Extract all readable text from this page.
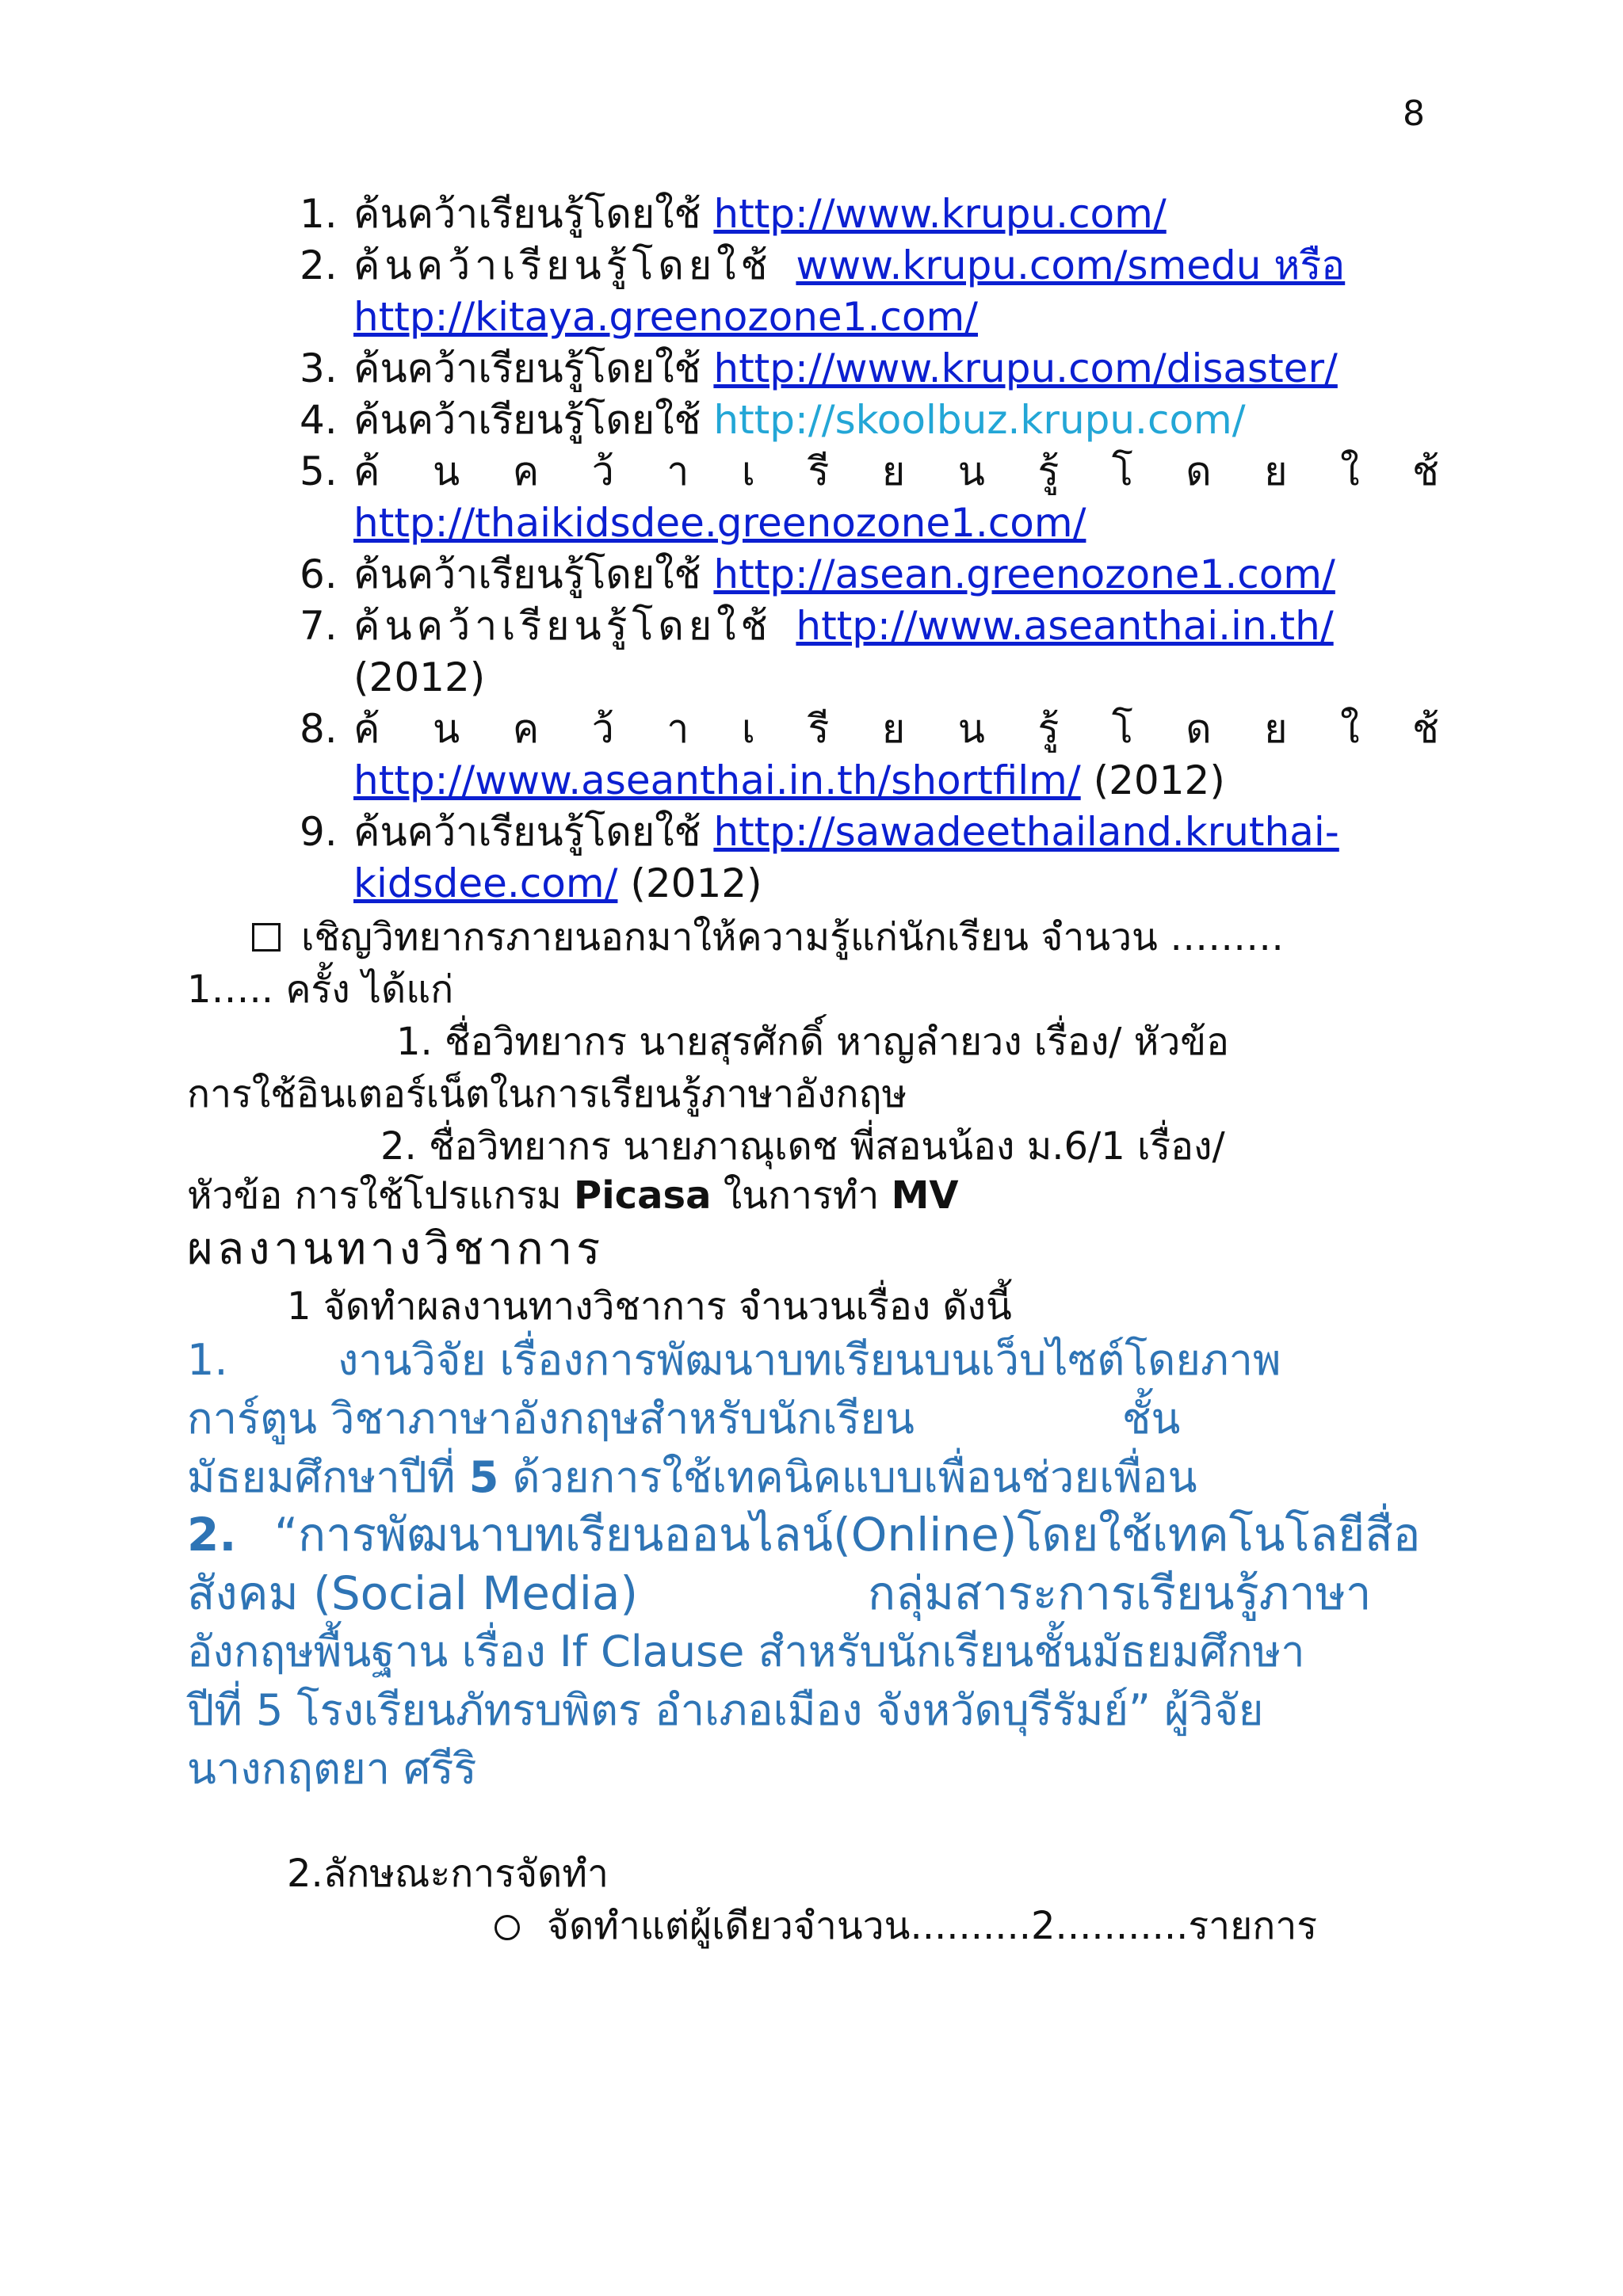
8
1. ค้นคว้าเรียนรู้โดยใช้ http://www.krupu.com/
2. ค้นคว้าเรียนรู้โดยใช้ www.krupu.com/smedu หรือ
http://kitaya.greenozone1.com/
3. ค้นคว้าเรียนรู้โดยใช้ http://www.krupu.com/disaster/
4. ค้นคว้าเรียนรู้โดยใช้ http://skoolbuz.krupu.com/
5. ค้ น ค ว้ า เ รี ย น รู้ โ ด ย ใ ช้
http://thaikidsdee.greenozone1.com/
6. ค้นคว้าเรียนรู้โดยใช้ http://asean.greenozone1.com/
7. ค้นคว้าเรียนรู้โดยใช้ http://www.aseanthai.in.th/
(2012)
8. ค้ น ค ว้ า เ รี ย น รู้ โ ด ย ใ ช้
http://www.aseanthai.in.th/shortfilm/ (2012)
9. ค้นคว้าเรียนรู้โดยใช้ http://sawadeethailand.kruthai-
kidsdee.com/ (2012)
เชิญวิทยากรภายนอกมาให้ความรู้แก่นักเรียน จำนวน ………
1….. ครั้ง ได้แก่
1. ชื่อวิทยากร นายสุรศักดิ์ หาญลำยวง เรื่อง/ หัวข้อ
การใช้อินเตอร์เน็ตในการเรียนรู้ภาษาอังกฤษ
2. ชื่อวิทยากร นายภาณุเดช พี่สอนน้อง ม.6/1 เรื่อง/
หัวข้อ การใช้โปรแกรม Picasa ในการทำ MV
ผลงานทางวิชาการ
1 จัดทำผลงานทางวิชาการ จำนวนเรื่อง ดังนี้
1.	งานวิจัย เรื่องการพัฒนาบทเรียนบนเว็บไซต์โดยภาพ
การ์ตูน วิชาภาษาอังกฤษสำหรับนักเรียน	ชั้น
มัธยมศึกษาปีที่ 5 ด้วยการใช้เทคนิคแบบเพื่อนช่วยเพื่อน
2. “การพัฒนาบทเรียนออนไลน์(Online)โดยใช้เทคโนโลยีสื่อ
สังคม (Social Media)	กลุ่มสาระการเรียนรู้ภาษา
อังกฤษพื้นฐาน เรื่อง If Clause สำหรับนักเรียนชั้นมัธยมศึกษา
ปีที่ 5 โรงเรียนภัทรบพิตร อำเภอเมือง จังหวัดบุรีรัมย์” ผู้วิจัย
นางกฤตยา ศรีริ
2.ลักษณะการจัดทำ
จัดทำแต่ผู้เดียวจำนวน..........2...........รายการ
